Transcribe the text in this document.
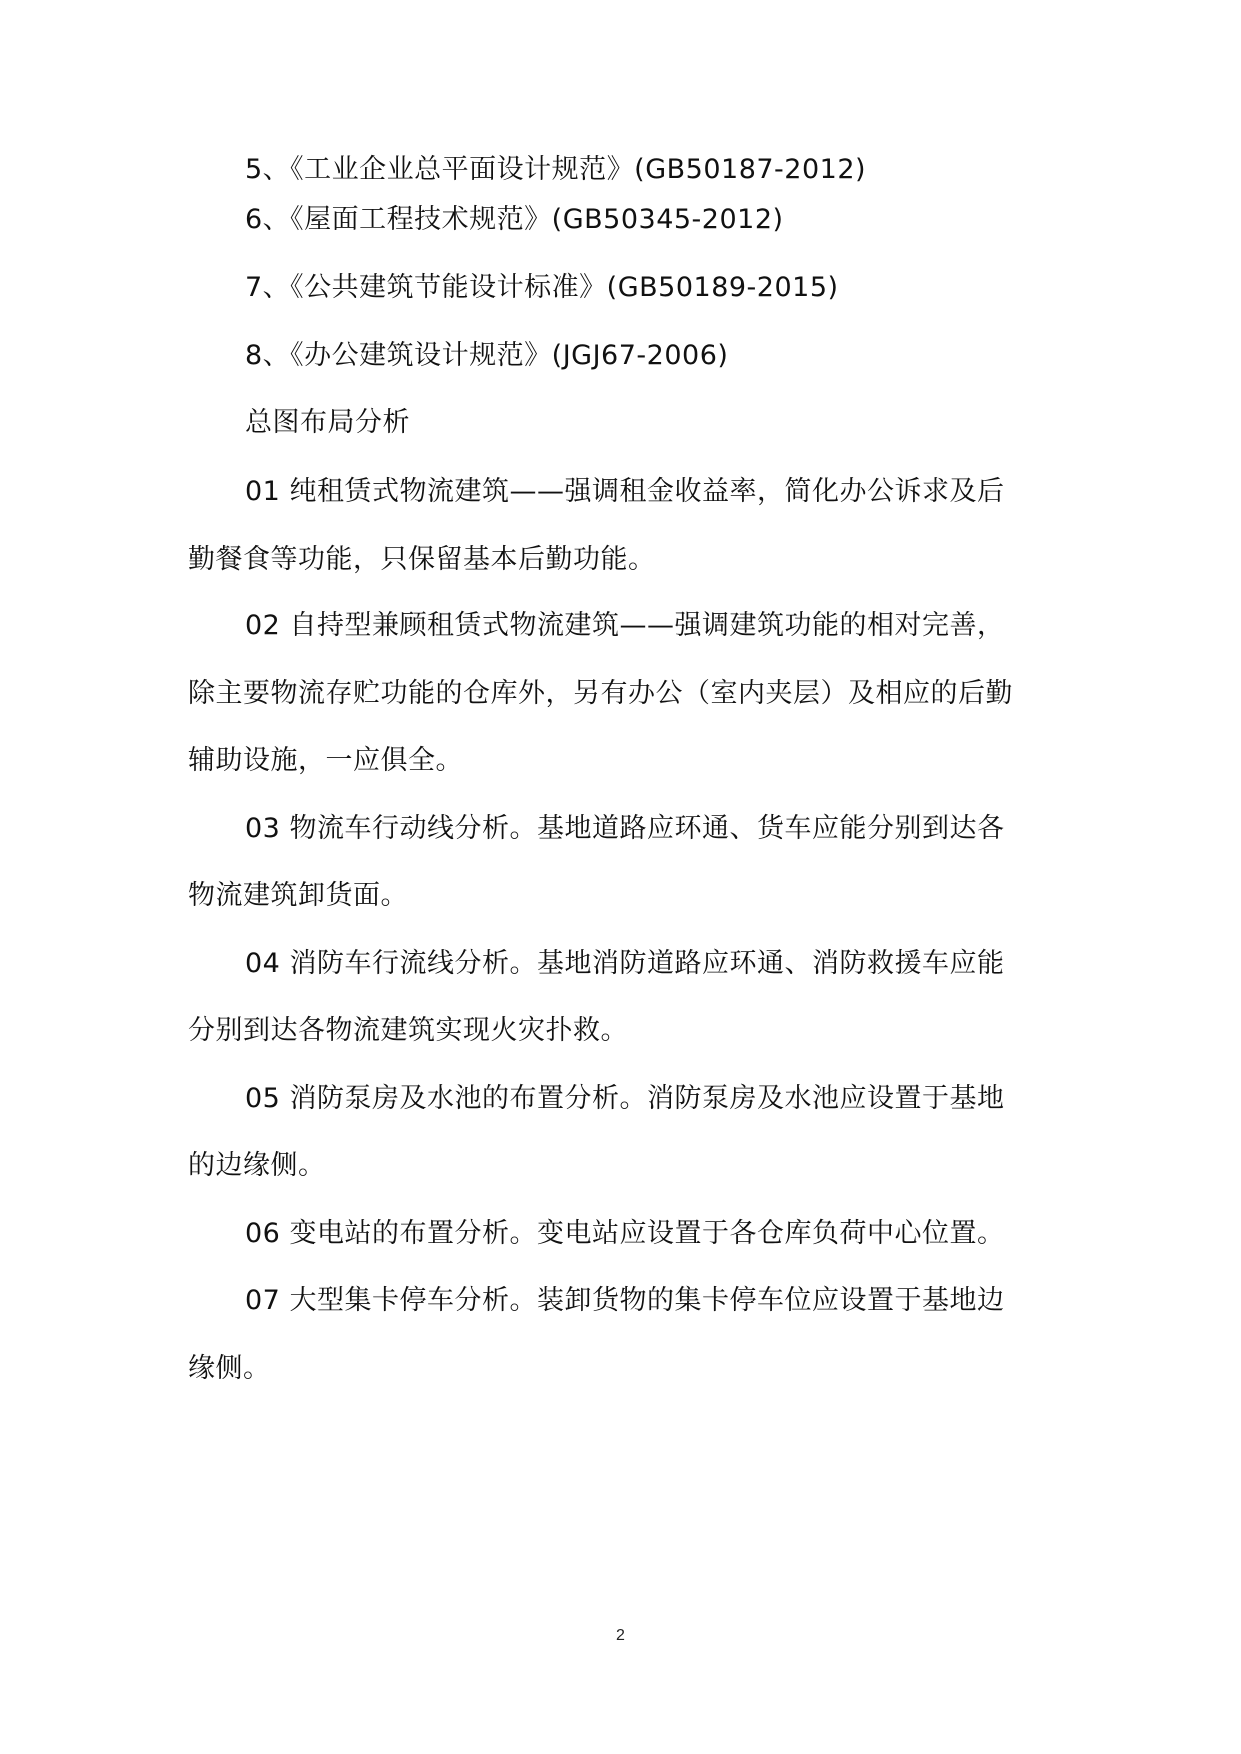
5、《工业企业总平面设计规范》(GB50187-2012)
6、《屋面工程技术规范》(GB50345-2012)
7、《公共建筑节能设计标准》(GB50189-2015)
8、《办公建筑设计规范》(JGJ67-2006)
总图布局分析
01 纯租赁式物流建筑——强调租金收益率，简化办公诉求及后
勤餐食等功能，只保留基本后勤功能。
02 自持型兼顾租赁式物流建筑——强调建筑功能的相对完善，
除主要物流存贮功能的仓库外，另有办公（室内夹层）及相应的后勤
辅助设施，一应俱全。
03 物流车行动线分析。基地道路应环通、货车应能分别到达各
物流建筑卸货面。
04 消防车行流线分析。基地消防道路应环通、消防救援车应能
分别到达各物流建筑实现火灾扑救。
05 消防泵房及水池的布置分析。消防泵房及水池应设置于基地
的边缘侧。
06 变电站的布置分析。变电站应设置于各仓库负荷中心位置。
07 大型集卡停车分析。装卸货物的集卡停车位应设置于基地边
缘侧。
2
